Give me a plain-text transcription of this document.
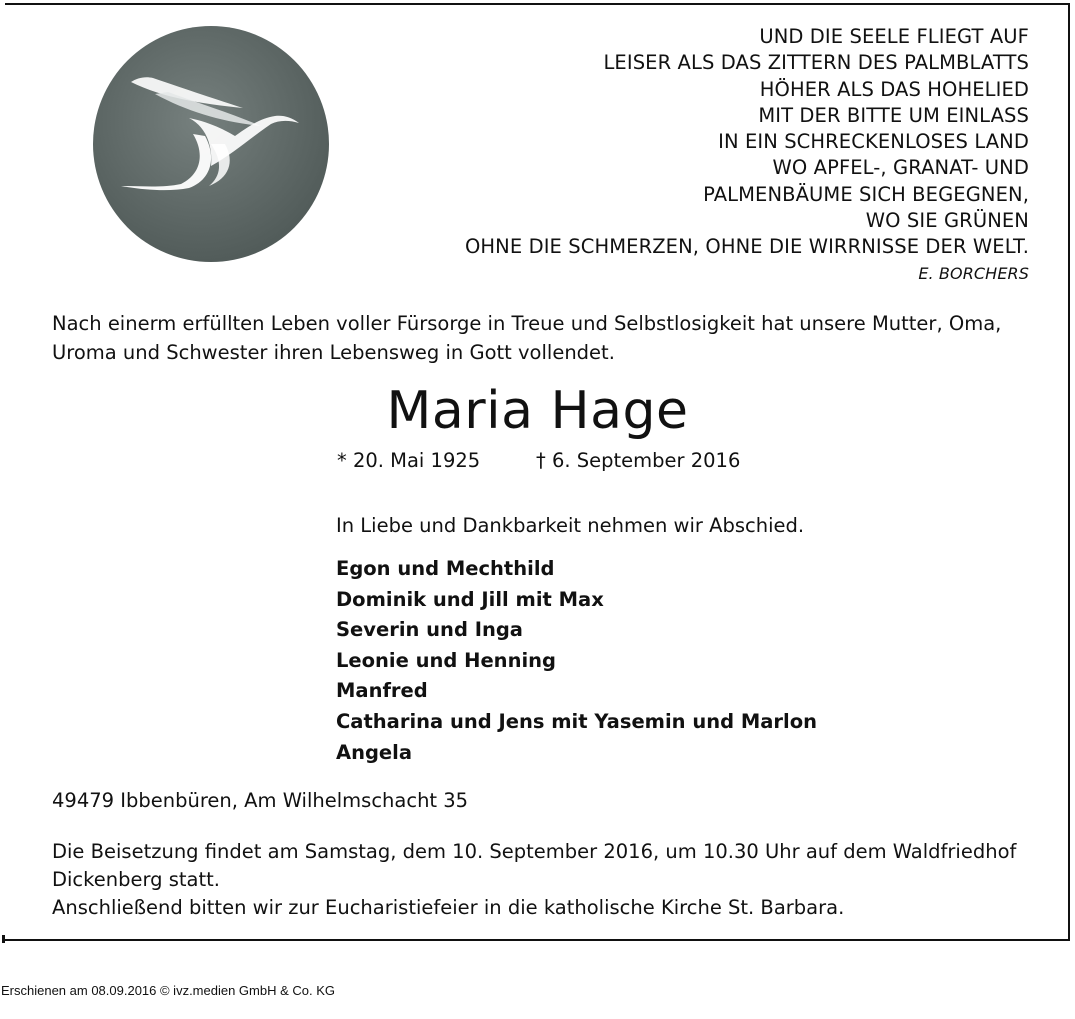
UND DIE SEELE FLIEGT AUF
LEISER ALS DAS ZITTERN DES PALMBLATTS
HÖHER ALS DAS HOHELIED
MIT DER BITTE UM EINLASS
IN EIN SCHRECKENLOSES LAND
WO APFEL-, GRANAT- UND
PALMENBÄUME SICH BEGEGNEN,
WO SIE GRÜNEN
OHNE DIE SCHMERZEN, OHNE DIE WIRRNISSE DER WELT.
E. BORCHERS
Nach einerm erfüllten Leben voller Fürsorge in Treue und Selbstlosigkeit hat unsere Mutter, Oma,
Uroma und Schwester ihren Lebensweg in Gott vollendet.
Maria Hage
* 20. Mai 1925	† 6. September 2016
In Liebe und Dankbarkeit nehmen wir Abschied.
Egon und Mechthild
Dominik und Jill mit Max
Severin und Inga
Leonie und Henning
Manfred
Catharina und Jens mit Yasemin und Marlon
Angela
49479 Ibbenbüren, Am Wilhelmschacht 35
Die Beisetzung findet am Samstag, dem 10. September 2016, um 10.30 Uhr auf dem Waldfriedhof
Dickenberg statt.
Anschließend bitten wir zur Eucharistiefeier in die katholische Kirche St. Barbara.
Erschienen am 08.09.2016 © ivz.medien GmbH & Co. KG
